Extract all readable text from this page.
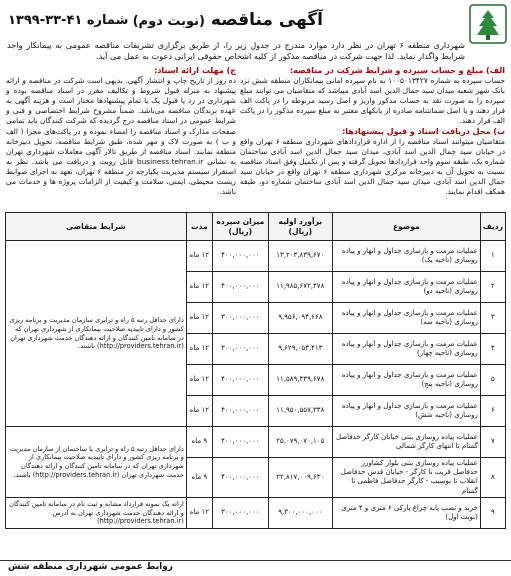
آگهی مناقصه (نوبت دوم)
شماره ۴۱-۳۳-۱۳۹۹
شهرداری منطقه ۶ تهران در نظر دارد موارد مندرج در جدول زیر را، از طریق برگزاری تشریفات مناقصه عمومی به پیمانکار واجد شرایط واگذار نماید. لذا جهت شرکت در مناقصه مذکور از کلیه اشخاص حقوقی ایرانی دعوت به عمل می آید.
الف) مبلغ و حساب سپرده و شرایط شرکت در مناقصه:
حساب سپرده به شماره ۱۰۰۵۰۱۳۴۲۷ به نام سپرده امانی پیمانکاران منطقه شش نزد بانک شهر شعبه میدان سید جمال الدین اسد آبادی میباشد که متقاضیان می توانند مبلغ سپرده را به صورت نقد به حساب مذکور واریز و اصل رسید مربوطه را در پاکت الف قرار دهند و یا اصل ضمانتنامه صادره از بانکهای معتبر به مبلغ سپرده مذکور را در پاکت الف قرار دهند.
ب) محل دریافت اسناد و قبول پیشنهادها:
متقاضیان میتوانند اسناد مناقصه را از اداره قراردادهای شهرداری منطقه ۶ تهران واقع در خیابان سید جمال الدین اسد آبادی، میدان سید جمال الدین اسد آبادی ساختمان شماره یک، طبقه سوم واحد قراردادها تحویل گرفته و پس از تکمیل وفق اسناد مناقصه نسبت به تحویل آن به دبیرخانه مرکزی شهرداری منطقه ۶ تهران واقع در خیابان سید جمال الدین اسد آبادی، میدان سید جمال الدین اسد آبادی ساختمان شماره دو، طبقه همکف اقدام نمایند.
ج) مهلت ارائه اسناد:
ده روز از تاریخ چاپ و انتشار آگهی. بدیهی است شرکت در مناقصه و ارائه پیشنهاد به منزله قبول شروط و تکالیف مقرر در اسناد مناقصه بوده و شهرداری در رد یا قبول یک یا تمام پیشنهادها مختار است و هزینه آگهی به عهده برندگان مناقصه می‌باشد. ضمناً مشروح شرایط اختصاصی و فنی و شرایط عمومی در اسناد مناقصه درج گردیده که شرکت کنندگان باید تمامی صفحات مدارک و اسناد مناقصه را امضاء نموده و در پاکت‌های مجزا ( الف و ب ) به صورت لاک و مهر شده، طبق شرایط مناقصه، تحویل دبیرخانه منطقه نمایند. اسناد مناقصه از طریق تالار آگهی معاملات شهرداری تهران به نشانی business.tehran.ir قابل رویت و دریافت می باشد. نظر به استقرار سیستم مدیریت یکپارچه در منطقه ۶ تهران، تعهد به اجرای ضوابط زیست محیطی، ایمنی، سلامت و کیفیت از الزامات پروژه ها و خدمات می باشد.
ردیف	موضوع	برآورد اولیه (ریال)	میزان سپرده (ریال)	مدت	شرایط متقاضی
۱	عملیات مرمت و بازسازی جداول و انهار و پیاده روسازی (ناحیه یک)	۱۳,۲۰۳,۸۳۹,۶۷۰	۴۰۰,۰۰۰,۰۰۰	۱۲ ماه	دارای حداقل رتبه ۵ راه و ترابری سازمان مدیریت و برنامه ریزی کشور و دارای تاییدیه صلاحیت پیمانکاری از شهرداری تهران که در سامانه تامین کنندگان و ارائه دهندگان خدمت شهرداری تهران (http://providers.tehran.ir) باشند.
۲	عملیات مرمت و بازسازی جداول و انهار و پیاده روسازی (ناحیه دو)	۱۱,۹۸۵,۶۷۲,۴۷۸	۴۰۰,۰۰۰,۰۰۰	۱۲ ماه	
۳	عملیات مرمت و بازسازی جداول و انهار و پیاده روسازی (ناحیه سه)	۹,۹۵۶,۰۹۴,۶۶۸	۳۰۰,۰۰۰,۰۰۰	۱۲ ماه	
۴	عملیات مرمت و بازسازی جداول و انهار و پیاده روسازی (ناحیه چهار)	۹,۶۲۹,۰۵۳,۴۱۳	۳۰۰,۰۰۰,۰۰۰	۱۲ ماه	
۵	عملیات مرمت و بازسازی جداول و انهار و پیاده روسازی (ناحیه پنج)	۱۱,۵۸۹,۴۳۹,۶۷۸	۴۰۰,۰۰۰,۰۰۰	۱۲ ماه	
۶	عملیات مرمت و بازسازی جداول و انهار و پیاده روسازی (ناحیه شش)	۱۱,۹۵۰,۵۵۷,۳۳۸	۴۰۰,۰۰۰,۰۰۰	۱۲ ماه	
۷	عملیات پیاده روسازی بتنی خیابان کارگر حدفاصل گمنام تا انتهای کارگر شمالی	۲۵,۰۷۹,۰۷۰,۱۰۵	۴۰۰,۰۰۰,۰۰۰	۹ ماه	دارای حداقل رتبه ۵ راه و ترابری یا ساختمان از سازمان مدیریت و برنامه ریزی کشور و دارای تاییدیه صلاحیت پیمانکاری از شهرداری تهران که در سامانه تامین کنندگان و ارائه دهندگان خدمت شهرداری تهران (http://providers.tehran.ir) باشند.
۸	عملیات پیاده روسازی بتنی بلوار کشاورز حدفاصل قریب تا کارگر - خیابان قدس حدفاصل انقلاب تا بوسیب - کارگر حدفاصل فاطمی تا گمنام	۲۲,۸۱۷,۰۰۹,۶۳۰	۴۰۰,۰۰۰,۰۰۰	۹ ماه	
۹	خرید و نصب پایه چراغ پارکی ۶ متری و ۴ متری (نوبت اول)	۹,۳۰۰,۰۰۰,۰۰۰	۳۰۰,۰۰۰,۰۰۰	۱۲ ماه	ارائه یک نمونه قرارداد مشابه و ثبت نام در سامانه تامین کنندگان و ارائه دهندگان خدمت شهرداری تهران به آدرس (http://providers.tehran.ir)
روابط عمومی شهرداری منطقه شش
